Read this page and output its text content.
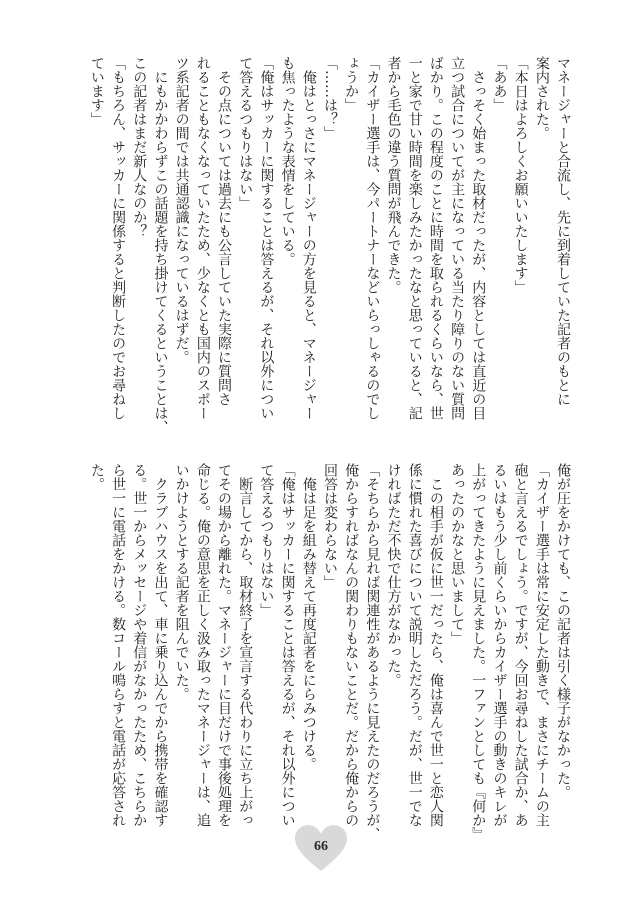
マネージャーと合流し、先に到着していた記者のもとに
案内された。
「本日はよろしくお願いいたします」
「ああ」
　さっそく始まった取材だったが、内容としては直近の目
立つ試合についてが主になっている当たり障りのない質問
ばかり。この程度のことに時間を取られるくらいなら、世
一と家で甘い時間を楽しみたかったなと思っていると、記
者から毛色の違う質問が飛んできた。
「カイザー選手は、今パートナーなどいらっしゃるのでし
ょうか」
「……は？」
　俺はとっさにマネージャーの方を見ると、マネージャー
も焦ったような表情をしている。
「俺はサッカーに関することは答えるが、それ以外につい
て答えるつもりはない」
　その点については過去にも公言していた実際に質問さ
れることもなくなっていたため、少なくとも国内のスポー
ツ系記者の間では共通認識になっているはずだ。
　にもかかわらずこの話題を持ち掛けてくるということは、
この記者はまだ新人なのか？
「もちろん、サッカーに関係すると判断したのでお尋ねし
ています」
俺が圧をかけても、この記者は引く様子がなかった。
「カイザー選手は常に安定した動きで、まさにチームの主
砲と言えるでしょう。ですが、今回お尋ねした試合か、あ
るいはもう少し前くらいからカイザー選手の動きのキレが
上がってきたように見えました。一ファンとしても『何か』
あったのかなと思いまして」
　この相手が仮に世一だったら、俺は喜んで世一と恋人関
係に慣れた喜びについて説明しただろう。だが、世一でな
ければただ不快で仕方がなかった。
「そちらから見れば関連性があるように見えたのだろうが、
俺からすればなんの関わりもないことだ。だから俺からの
回答は変わらない」
　俺は足を組み替えて再度記者をにらみつける。
「俺はサッカーに関することは答えるが、それ以外につい
て答えるつもりはない」
　断言してから、取材終了を宣言する代わりに立ち上がっ
てその場から離れた。マネージャーに目だけで事後処理を
命じる。俺の意思を正しく汲み取ったマネージャーは、追
いかけようとする記者を阻んでいた。
　クラブハウスを出て、車に乗り込んでから携帯を確認す
る。世一からメッセージや着信がなかったため、こちらか
ら世一に電話をかける。数コール鳴らすと電話が応答され
た。
66
